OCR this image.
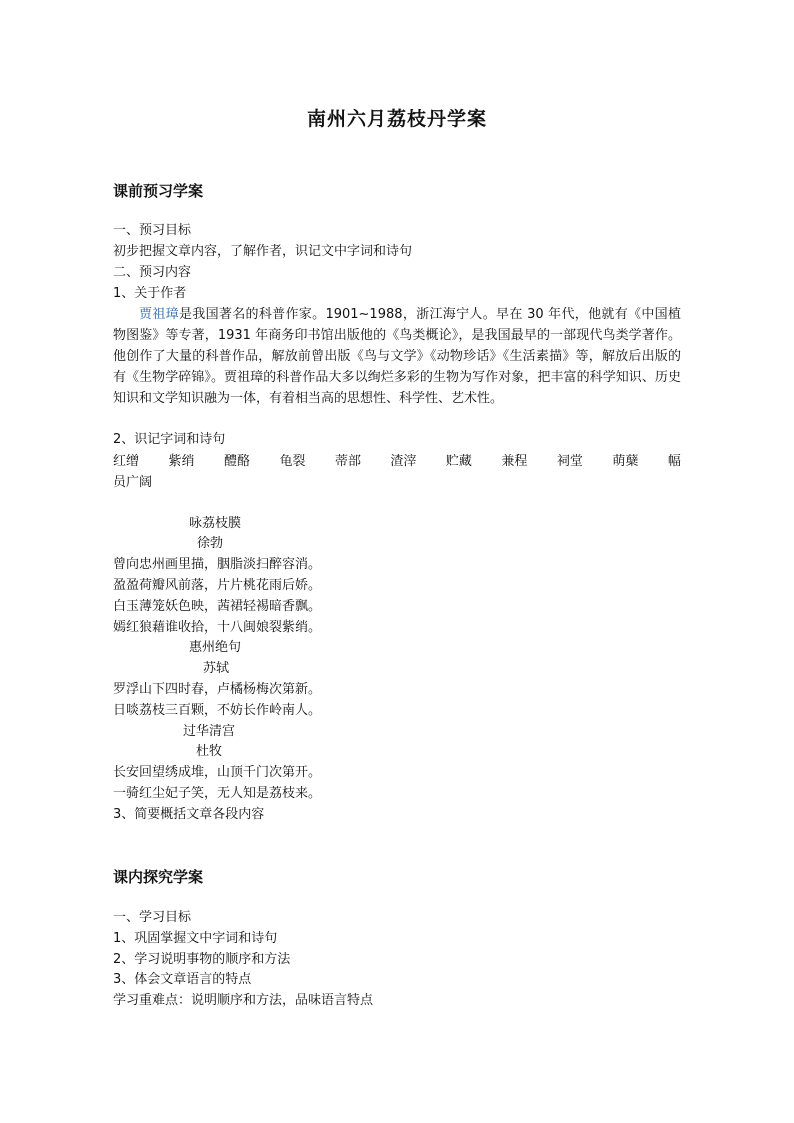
南州六月荔枝丹学案
课前预习学案
一、预习目标
初步把握文章内容，了解作者，识记文中字词和诗句
二、预习内容
1、关于作者
贾祖璋是我国著名的科普作家。1901~1988，浙江海宁人。早在 30 年代，他就有《中国植物图鉴》等专著，1931 年商务印书馆出版他的《鸟类概论》，是我国最早的一部现代鸟类学著作。他创作了大量的科普作品，解放前曾出版《鸟与文学》《动物珍话》《生活素描》等，解放后出版的有《生物学碎锦》。贾祖璋的科普作品大多以绚烂多彩的生物为写作对象，把丰富的科学知识、历史知识和文学知识融为一体，有着相当高的思想性、科学性、艺术性。
2、识记字词和诗句
红缯 紫绡 醴酪 龟裂 蒂部 渣滓 贮藏 兼程 祠堂 萌蘖 幅
员广阔
咏荔枝膜
徐勃
曾向忠州画里描，胭脂淡扫醉容消。
盈盈荷瓣风前落，片片桃花雨后娇。
白玉薄笼妖色映，茜裙轻裼暗香飘。
嫣红狼藉谁收拾，十八闽娘裂紫绡。
惠州绝句
苏轼
罗浮山下四时春，卢橘杨梅次第新。
日啖荔枝三百颗，不妨长作岭南人。
过华清宫
杜牧
长安回望绣成堆，山顶千门次第开。
一骑红尘妃子笑，无人知是荔枝来。
3、简要概括文章各段内容
课内探究学案
一、学习目标
1、巩固掌握文中字词和诗句
2、学习说明事物的顺序和方法
3、体会文章语言的特点
学习重难点：说明顺序和方法，品味语言特点
